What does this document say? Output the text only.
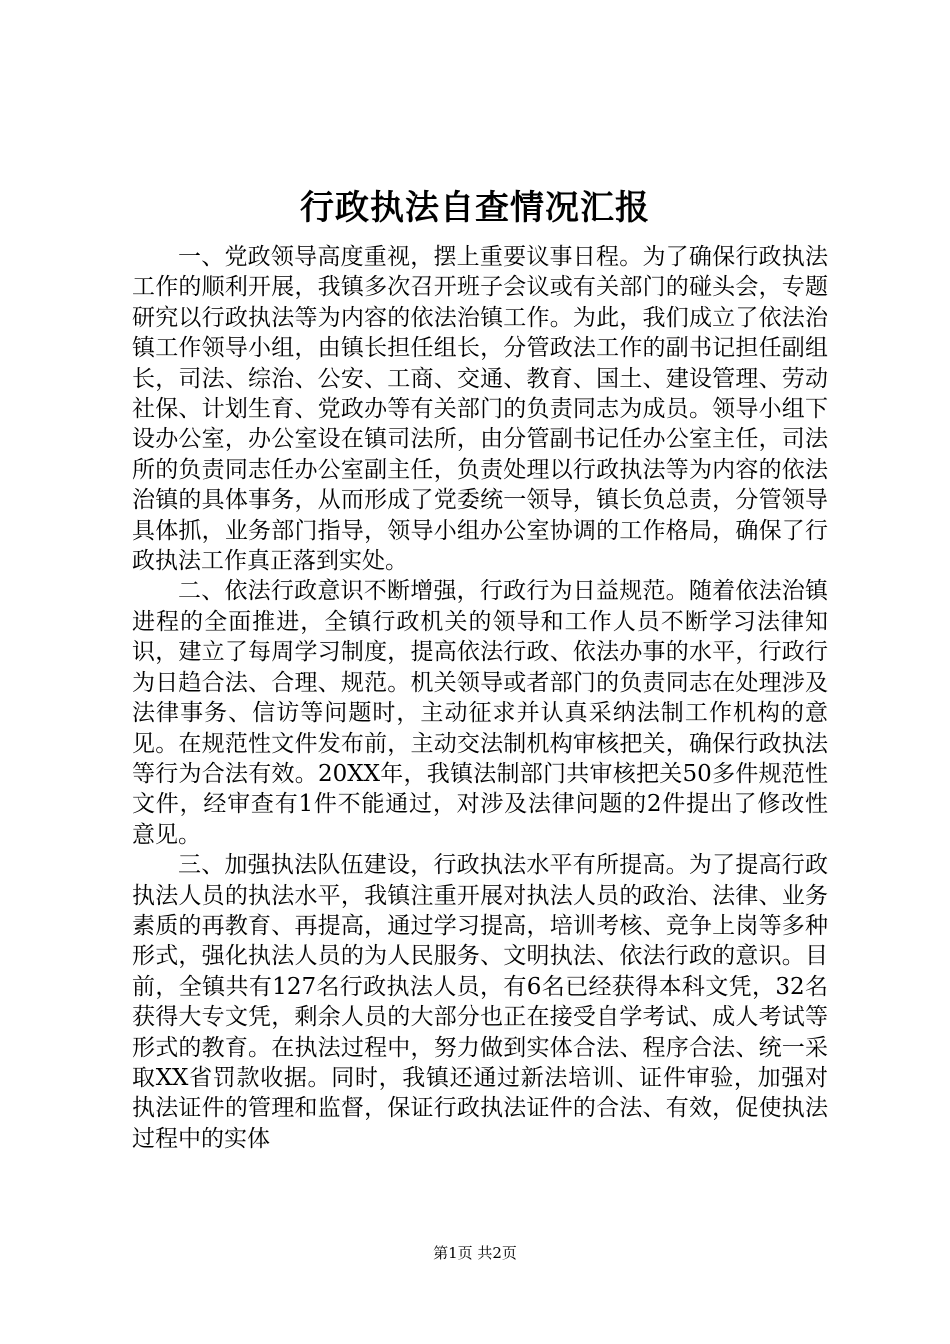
行政执法自查情况汇报

一、党政领导高度重视，摆上重要议事日程。为了确保行政执法工作的顺利开展，我镇多次召开班子会议或有关部门的碰头会，专题研究以行政执法等为内容的依法治镇工作。为此，我们成立了依法治镇工作领导小组，由镇长担任组长，分管政法工作的副书记担任副组长，司法、综治、公安、工商、交通、教育、国土、建设管理、劳动社保、计划生育、党政办等有关部门的负责同志为成员。领导小组下设办公室，办公室设在镇司法所，由分管副书记任办公室主任，司法所的负责同志任办公室副主任，负责处理以行政执法等为内容的依法治镇的具体事务，从而形成了党委统一领导，镇长负总责，分管领导具体抓，业务部门指导，领导小组办公室协调的工作格局，确保了行政执法工作真正落到实处。

二、依法行政意识不断增强，行政行为日益规范。随着依法治镇进程的全面推进，全镇行政机关的领导和工作人员不断学习法律知识，建立了每周学习制度，提高依法行政、依法办事的水平，行政行为日趋合法、合理、规范。机关领导或者部门的负责同志在处理涉及法律事务、信访等问题时，主动征求并认真采纳法制工作机构的意见。在规范性文件发布前，主动交法制机构审核把关，确保行政执法等行为合法有效。20XX年，我镇法制部门共审核把关50多件规范性文件，经审查有1件不能通过，对涉及法律问题的2件提出了修改性意见。

三、加强执法队伍建设，行政执法水平有所提高。为了提高行政执法人员的执法水平，我镇注重开展对执法人员的政治、法律、业务素质的再教育、再提高，通过学习提高，培训考核、竞争上岗等多种形式，强化执法人员的为人民服务、文明执法、依法行政的意识。目前，全镇共有127名行政执法人员，有6名已经获得本科文凭，32名获得大专文凭，剩余人员的大部分也正在接受自学考试、成人考试等形式的教育。在执法过程中，努力做到实体合法、程序合法、统一采取XX省罚款收据。同时，我镇还通过新法培训、证件审验，加强对执法证件的管理和监督，保证行政执法证件的合法、有效，促使执法过程中的实体

第1页 共2页
